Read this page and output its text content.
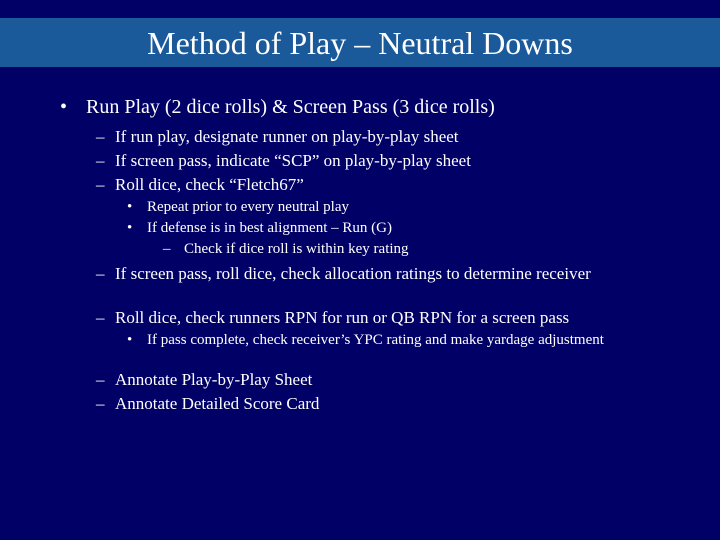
Method of Play – Neutral Downs
• Run Play (2 dice rolls) & Screen Pass (3 dice rolls)
– If run play, designate runner on play-by-play sheet
– If screen pass, indicate “SCP” on play-by-play sheet
– Roll dice, check “Fletch67”
• Repeat prior to every neutral play
• If defense is in best alignment – Run (G)
– Check if dice roll is within key rating
– If screen pass, roll dice, check allocation ratings to determine receiver
– Roll dice, check runners RPN for run or QB RPN for a screen pass
• If pass complete, check receiver’s YPC rating and make yardage adjustment
– Annotate Play-by-Play Sheet
– Annotate Detailed Score Card
